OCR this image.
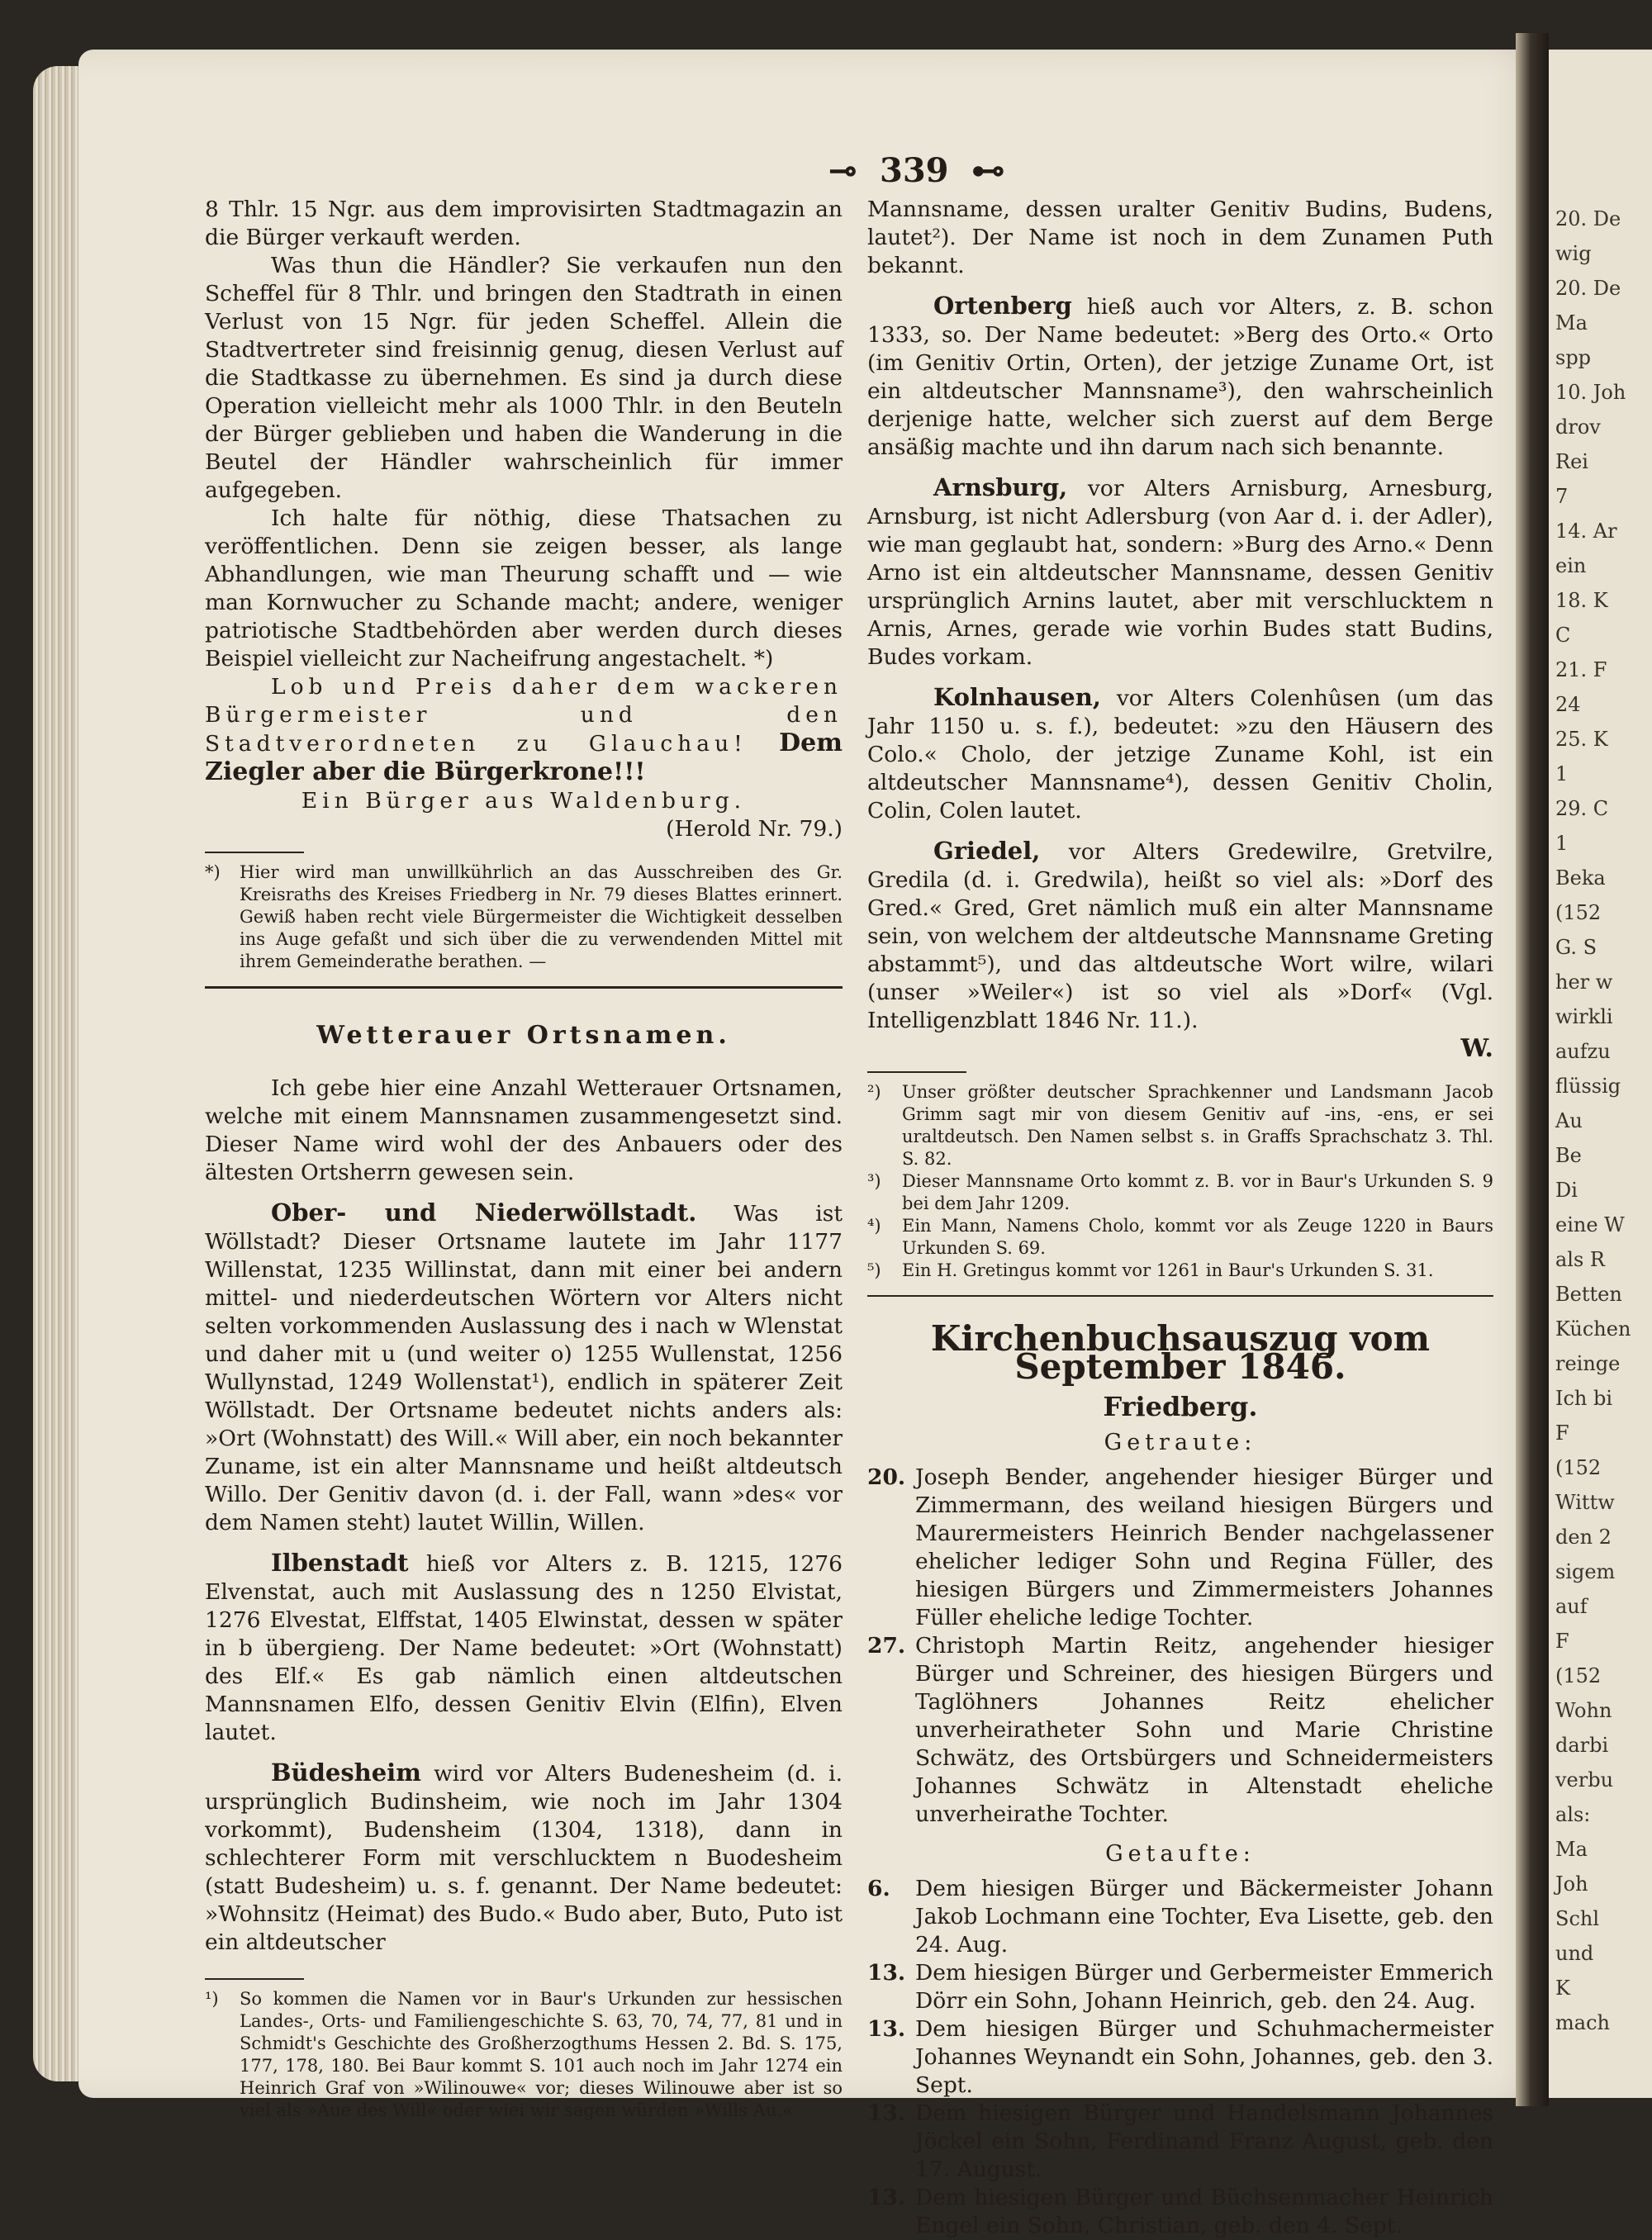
20. De
wig
20. De
Ma
spp
10. Joh
drov
Rei
7
14. Ar
ein
18. K
C
21. F
24
25. K
1
29. C
1
Beka
(152
G. S
her w
wirkli
aufzu
flüssig
Au
Be
Di
eine W
als R
Betten
Küchen
reinge
Ich bi
F
(152
Wittw
den 2
sigem
auf
F
(152
Wohn
darbi
verbu
als:
Ma
Joh
Schl
und
K
mach
⊸ 339 ⊷

8 Thlr. 15 Ngr. aus dem improvisirten Stadtmagazin an die Bürger verkauft werden.

Was thun die Händler? Sie verkaufen nun den Scheffel für 8 Thlr. und bringen den Stadtrath in einen Verlust von 15 Ngr. für jeden Scheffel. Allein die Stadtvertreter sind freisinnig genug, diesen Verlust auf die Stadtkasse zu übernehmen. Es sind ja durch diese Operation vielleicht mehr als 1000 Thlr. in den Beuteln der Bürger geblieben und haben die Wanderung in die Beutel der Händler wahrscheinlich für immer aufgegeben.

Ich halte für nöthig, diese Thatsachen zu veröffentlichen. Denn sie zeigen besser, als lange Abhandlungen, wie man Theurung schafft und — wie man Kornwucher zu Schande macht; andere, weniger patriotische Stadtbehörden aber werden durch dieses Beispiel vielleicht zur Nacheifrung angestachelt. *)

Lob und Preis daher dem wackeren Bürgermeister und den Stadtverordneten zu Glauchau! Dem Ziegler aber die Bürgerkrone!!!

Ein Bürger aus Waldenburg.

(Herold Nr. 79.)

*)	Hier wird man unwillkührlich an das Ausschreiben des Gr. Kreisraths des Kreises Friedberg in Nr. 79 dieses Blattes erinnert. Gewiß haben recht viele Bürgermeister die Wichtigkeit desselben ins Auge gefaßt und sich über die zu verwendenden Mittel mit ihrem Gemeinderathe berathen. —
Wetterauer Ortsnamen.

Ich gebe hier eine Anzahl Wetterauer Ortsnamen, welche mit einem Mannsnamen zusammengesetzt sind. Dieser Name wird wohl der des Anbauers oder des ältesten Ortsherrn gewesen sein.

Ober- und Niederwöllstadt. Was ist Wöllstadt? Dieser Ortsname lautete im Jahr 1177 Willenstat, 1235 Willinstat, dann mit einer bei andern mittel- und niederdeutschen Wörtern vor Alters nicht selten vorkommenden Auslassung des i nach w Wlenstat und daher mit u (und weiter o) 1255 Wullenstat, 1256 Wullynstad, 1249 Wollenstat¹), endlich in späterer Zeit Wöllstadt. Der Ortsname bedeutet nichts anders als: »Ort (Wohnstatt) des Will.« Will aber, ein noch bekannter Zuname, ist ein alter Mannsname und heißt altdeutsch Willo. Der Genitiv davon (d. i. der Fall, wann »des« vor dem Namen steht) lautet Willin, Willen.

Ilbenstadt hieß vor Alters z. B. 1215, 1276 Elvenstat, auch mit Auslassung des n 1250 Elvistat, 1276 Elvestat, Elffstat, 1405 Elwinstat, dessen w später in b übergieng. Der Name bedeutet: »Ort (Wohnstatt) des Elf.« Es gab nämlich einen altdeutschen Mannsnamen Elfo, dessen Genitiv Elvin (Elfin), Elven lautet.

Büdesheim wird vor Alters Budenesheim (d. i. ursprünglich Budinsheim, wie noch im Jahr 1304 vorkommt), Budensheim (1304, 1318), dann in schlechterer Form mit verschlucktem n Buodesheim (statt Budesheim) u. s. f. genannt. Der Name bedeutet: »Wohnsitz (Heimat) des Budo.« Budo aber, Buto, Puto ist ein altdeutscher

¹)	So kommen die Namen vor in Baur's Urkunden zur hessischen Landes-, Orts- und Familiengeschichte S. 63, 70, 74, 77, 81 und in Schmidt's Geschichte des Großherzogthums Hessen 2. Bd. S. 175, 177, 178, 180. Bei Baur kommt S. 101 auch noch im Jahr 1274 ein Heinrich Graf von »Wilinouwe« vor; dieses Wilinouwe aber ist so viel als »Aue des Will« oder wiei wir sagen würden »Wills Au.«

Mannsname, dessen uralter Genitiv Budins, Budens, lautet²). Der Name ist noch in dem Zunamen Puth bekannt.

Ortenberg hieß auch vor Alters, z. B. schon 1333, so. Der Name bedeutet: »Berg des Orto.« Orto (im Genitiv Ortin, Orten), der jetzige Zuname Ort, ist ein altdeutscher Mannsname³), den wahrscheinlich derjenige hatte, welcher sich zuerst auf dem Berge ansäßig machte und ihn darum nach sich benannte.

Arnsburg, vor Alters Arnisburg, Arnesburg, Arnsburg, ist nicht Adlersburg (von Aar d. i. der Adler), wie man geglaubt hat, sondern: »Burg des Arno.« Denn Arno ist ein altdeutscher Mannsname, dessen Genitiv ursprünglich Arnins lautet, aber mit verschlucktem n Arnis, Arnes, gerade wie vorhin Budes statt Budins, Budes vorkam.

Kolnhausen, vor Alters Colenhûsen (um das Jahr 1150 u. s. f.), bedeutet: »zu den Häusern des Colo.« Cholo, der jetzige Zuname Kohl, ist ein altdeutscher Mannsname⁴), dessen Genitiv Cholin, Colin, Colen lautet.

Griedel, vor Alters Gredewilre, Gretvilre, Gredila (d. i. Gredwila), heißt so viel als: »Dorf des Gred.« Gred, Gret nämlich muß ein alter Mannsname sein, von welchem der altdeutsche Mannsname Greting abstammt⁵), und das altdeutsche Wort wilre, wilari (unser »Weiler«) ist so viel als »Dorf« (Vgl. Intelligenzblatt 1846 Nr. 11.).

W.
²)	Unser größter deutscher Sprachkenner und Landsmann Jacob Grimm sagt mir von diesem Genitiv auf -ins, -ens, er sei uraltdeutsch. Den Namen selbst s. in Graffs Sprachschatz 3. Thl. S. 82.
³)	Dieser Mannsname Orto kommt z. B. vor in Baur's Urkunden S. 9 bei dem Jahr 1209.
⁴)	Ein Mann, Namens Cholo, kommt vor als Zeuge 1220 in Baurs Urkunden S. 69.
⁵)	Ein H. Gretingus kommt vor 1261 in Baur's Urkunden S. 31.
Kirchenbuchsauszug vom September 1846.
Friedberg.
Getraute:
20. Joseph Bender, angehender hiesiger Bürger und Zimmermann, des weiland hiesigen Bürgers und Maurermeisters Heinrich Bender nachgelassener ehelicher lediger Sohn und Regina Füller, des hiesigen Bürgers und Zimmermeisters Johannes Füller eheliche ledige Tochter.
27. Christoph Martin Reitz, angehender hiesiger Bürger und Schreiner, des hiesigen Bürgers und Taglöhners Johannes Reitz ehelicher unverheiratheter Sohn und Marie Christine Schwätz, des Ortsbürgers und Schneidermeisters Johannes Schwätz in Altenstadt eheliche unverheirathe Tochter.
Getaufte:
6.	Dem hiesigen Bürger und Bäckermeister Johann Jakob Lochmann eine Tochter, Eva Lisette, geb. den 24. Aug.
13. Dem hiesigen Bürger und Gerbermeister Emmerich Dörr ein Sohn, Johann Heinrich, geb. den 24. Aug.
13. Dem hiesigen Bürger und Schuhmachermeister Johannes Weynandt ein Sohn, Johannes, geb. den 3. Sept.
13. Dem hiesigen Bürger und Handelsmann Johannes Jöckel ein Sohn, Ferdinand Franz August, geb. den 17. August.
13. Dem hiesigen Bürger und Büchsenmacher Heinrich Engel ein Sohn, Christian, geb. den 4. Sept.
